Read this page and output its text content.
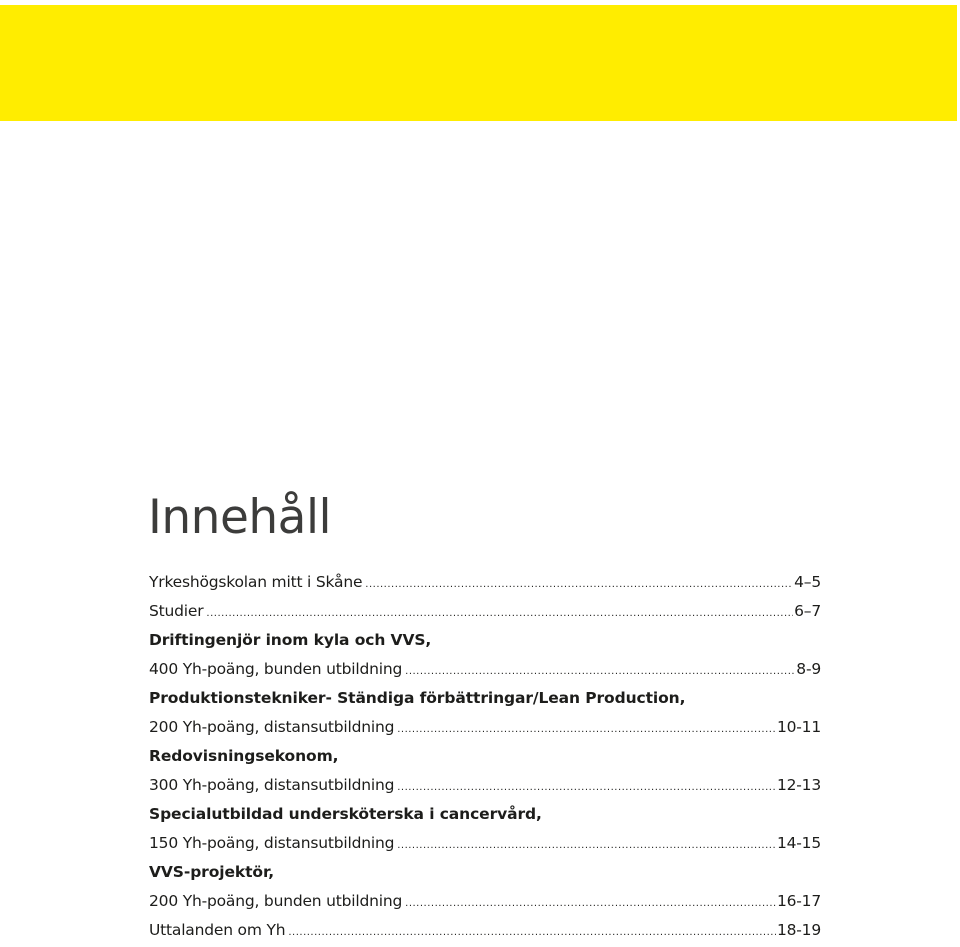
Innehåll
Yrkeshögskolan mitt i Skåne .....	4–5
Studier .....	6–7
Driftingenjör inom kyla och VVS,
400 Yh-poäng, bunden utbildning .....	8-9
Produktionstekniker- Ständiga förbättringar/Lean Production,
200 Yh-poäng, distansutbildning .....	10-11
Redovisningsekonom,
300 Yh-poäng, distansutbildning .....	12-13
Specialutbildad undersköterska i cancervård,
150 Yh-poäng, distansutbildning .....	14-15
VVS-projektör,
200 Yh-poäng, bunden utbildning .....	16-17
Uttalanden om Yh .....	18-19
